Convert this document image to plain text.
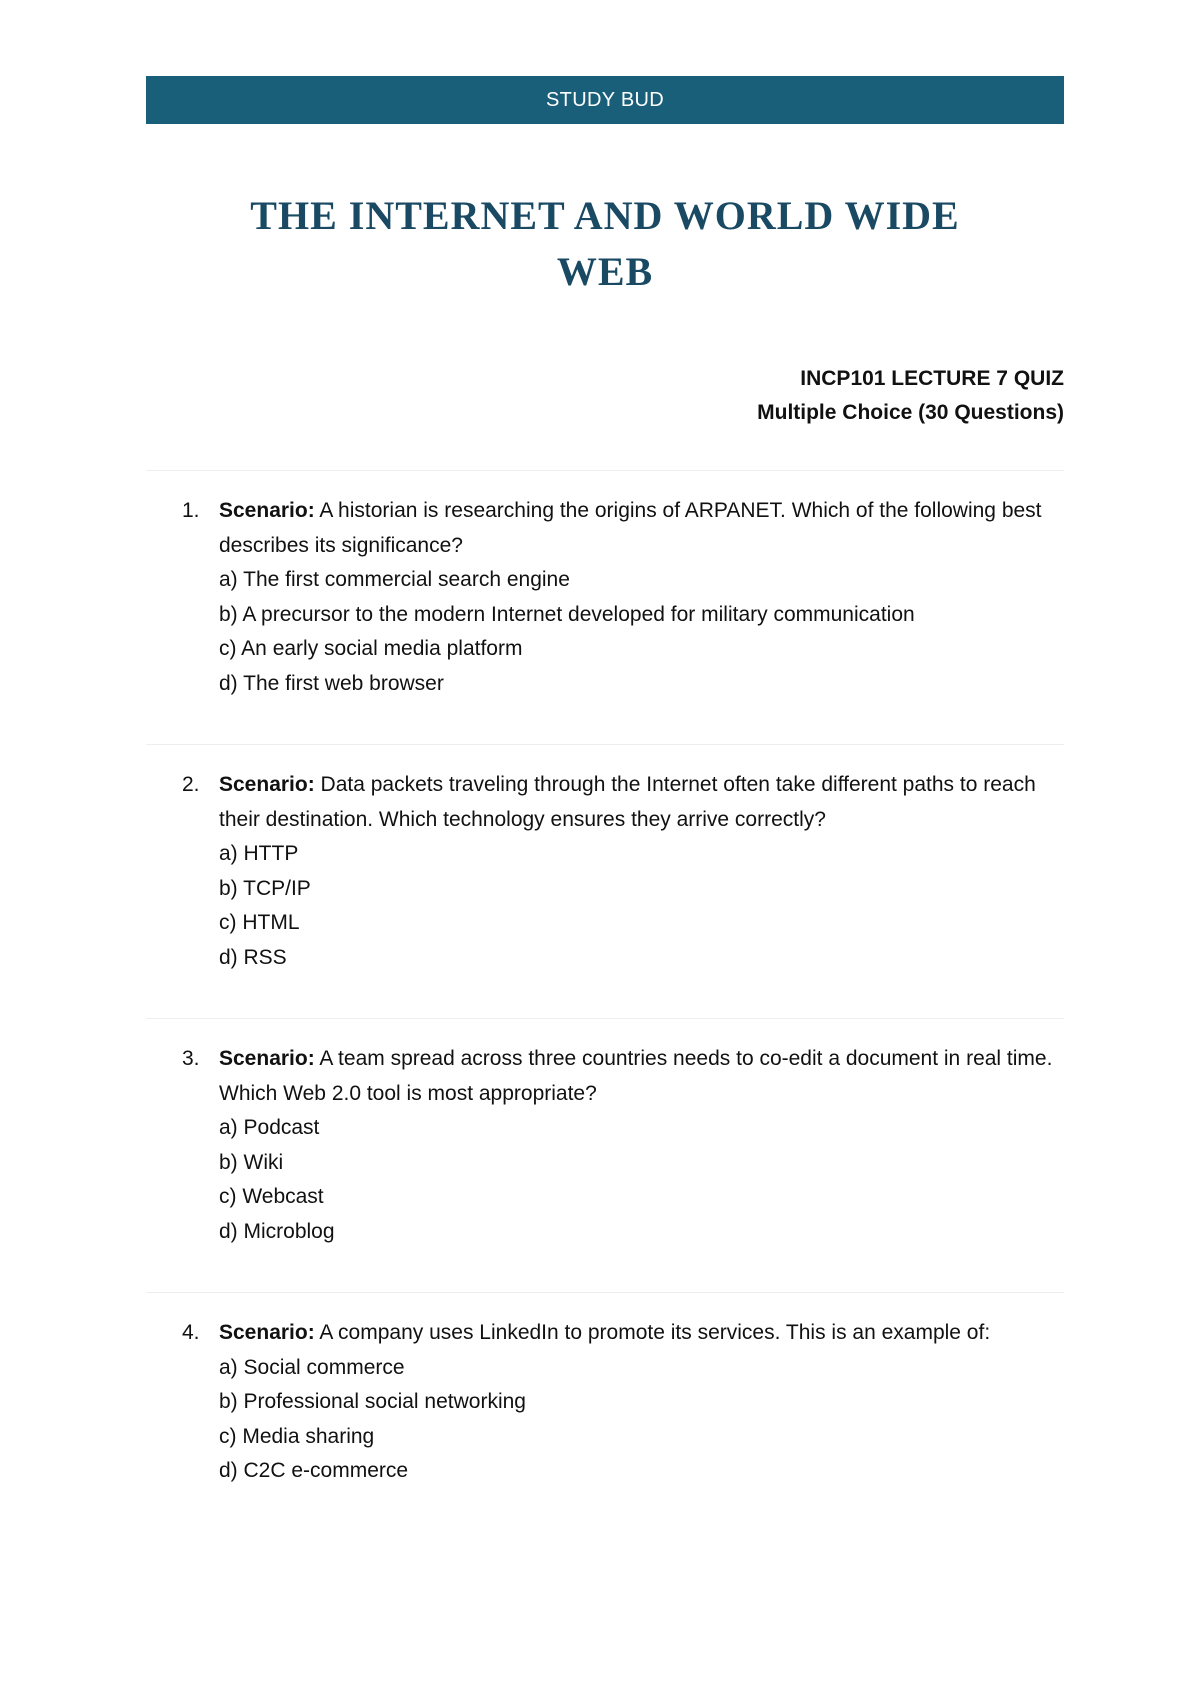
STUDY BUD
THE INTERNET AND WORLD WIDE
WEB
INCP101 LECTURE 7 QUIZ
Multiple Choice (30 Questions)
1. Scenario: A historian is researching the origins of ARPANET. Which of the following best describes its significance?
a) The first commercial search engine
b) A precursor to the modern Internet developed for military communication
c) An early social media platform
d) The first web browser
2. Scenario: Data packets traveling through the Internet often take different paths to reach their destination. Which technology ensures they arrive correctly?
a) HTTP
b) TCP/IP
c) HTML
d) RSS
3. Scenario: A team spread across three countries needs to co-edit a document in real time. Which Web 2.0 tool is most appropriate?
a) Podcast
b) Wiki
c) Webcast
d) Microblog
4. Scenario: A company uses LinkedIn to promote its services. This is an example of:
a) Social commerce
b) Professional social networking
c) Media sharing
d) C2C e-commerce
